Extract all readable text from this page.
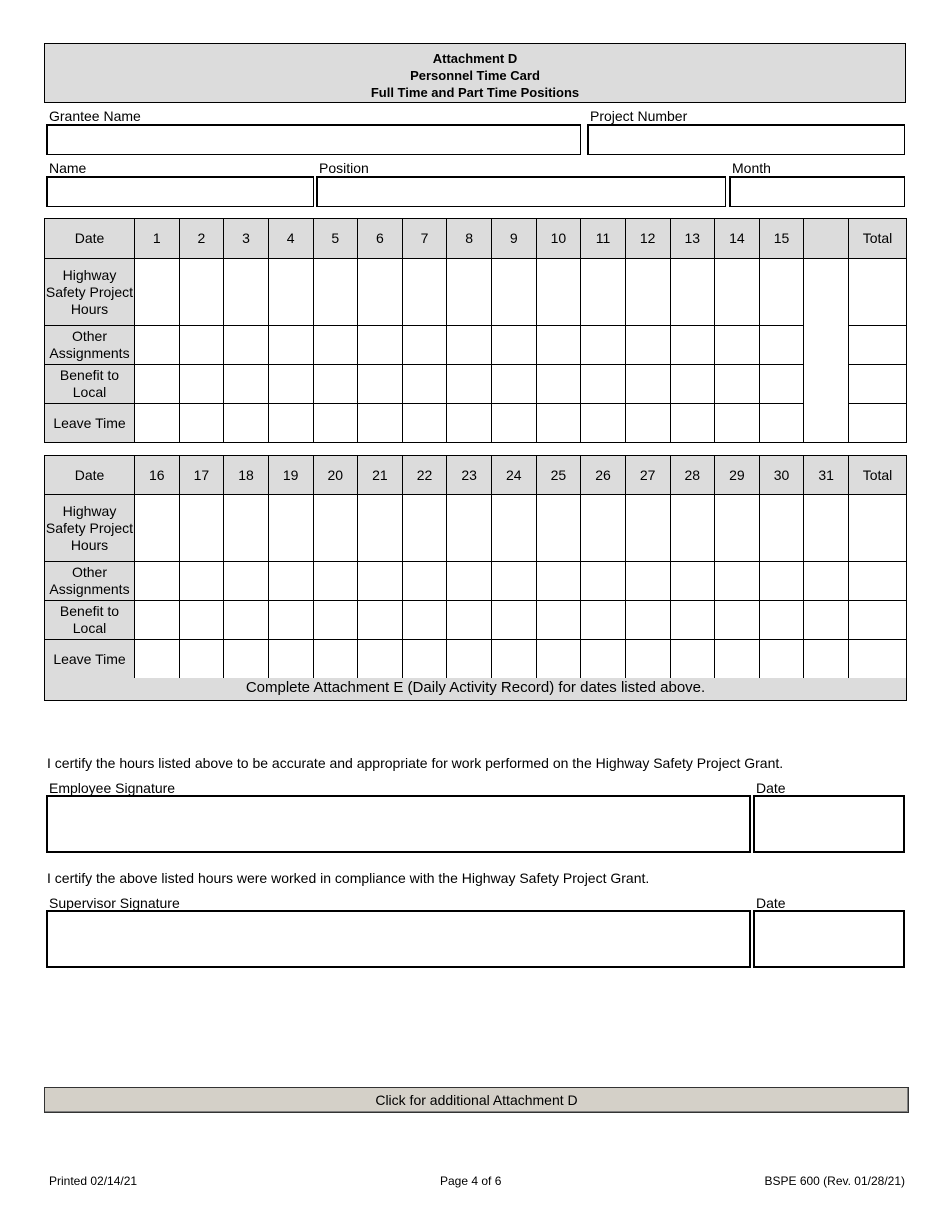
Attachment D
Personnel Time Card
Full Time and Part Time Positions
Grantee Name	Project Number
Name	Position	Month
Date	1	2	3	4	5	6	7	8	9	10	11	12	13	14	15		Total
Highway Safety Project Hours																	
Other Assignments																	
Benefit to Local																	
Leave Time																	
Date	16	17	18	19	20	21	22	23	24	25	26	27	28	29	30	31	Total
Highway Safety Project Hours																	
Other Assignments																	
Benefit to Local																	
Leave Time																	
Complete Attachment E (Daily Activity Record) for dates listed above.
I certify the hours listed above to be accurate and appropriate for work performed on the Highway Safety Project Grant.
Employee Signature	Date
I certify the above listed hours were worked in compliance with the Highway Safety Project Grant.
Supervisor Signature	Date
Click for additional Attachment D
Printed 02/14/21	Page 4 of 6	BSPE 600 (Rev. 01/28/21)
